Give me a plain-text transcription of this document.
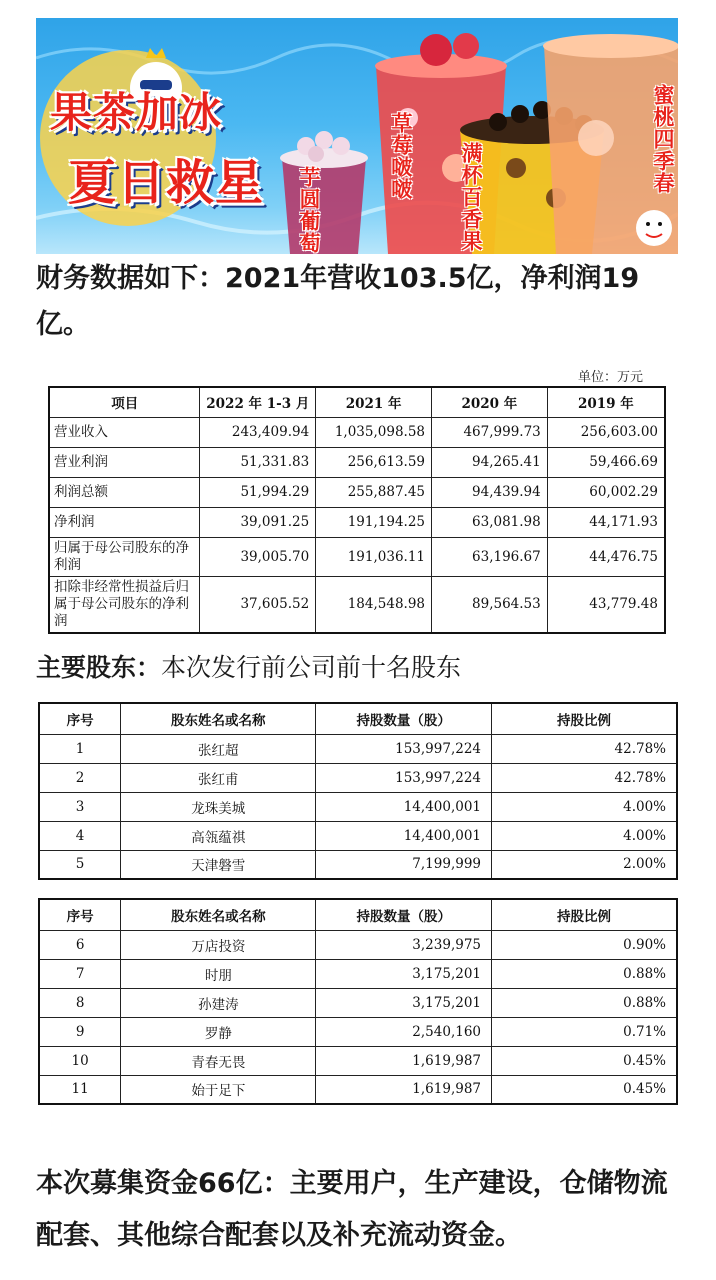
果茶加冰
夏日救星 芋圆葡萄
草莓啵啵 满杯百香果
蜜桃四季春
财务数据如下：2021年营收103.5亿，净利润19亿。
单位：万元
项目	2022 年 1-3 月	2021 年	2020 年	2019 年
营业收入	243,409.94	1,035,098.58	467,999.73	256,603.00
营业利润	51,331.83	256,613.59	94,265.41	59,466.69
利润总额	51,994.29	255,887.45	94,439.94	60,002.29
净利润	39,091.25	191,194.25	63,081.98	44,171.93
归属于母公司股东的净利润	39,005.70	191,036.11	63,196.67	44,476.75
扣除非经常性损益后归属于母公司股东的净利润	37,605.52	184,548.98	89,564.53	43,779.48
主要股东：本次发行前公司前十名股东
序号	股东姓名或名称	持股数量（股）	持股比例
1	张红超	153,997,224	42.78%
2	张红甫	153,997,224	42.78%
3	龙珠美城	14,400,001	4.00%
4	高瓴蕴祺	14,400,001	4.00%
5	天津磐雪	7,199,999	2.00%
序号	股东姓名或名称	持股数量（股）	持股比例
6	万店投资	3,239,975	0.90%
7	时朋	3,175,201	0.88%
8	孙建涛	3,175,201	0.88%
9	罗静	2,540,160	0.71%
10	青春无畏	1,619,987	0.45%
11	始于足下	1,619,987	0.45%
本次募集资金66亿：主要用户，生产建设，仓储物流配套、其他综合配套以及补充流动资金。
